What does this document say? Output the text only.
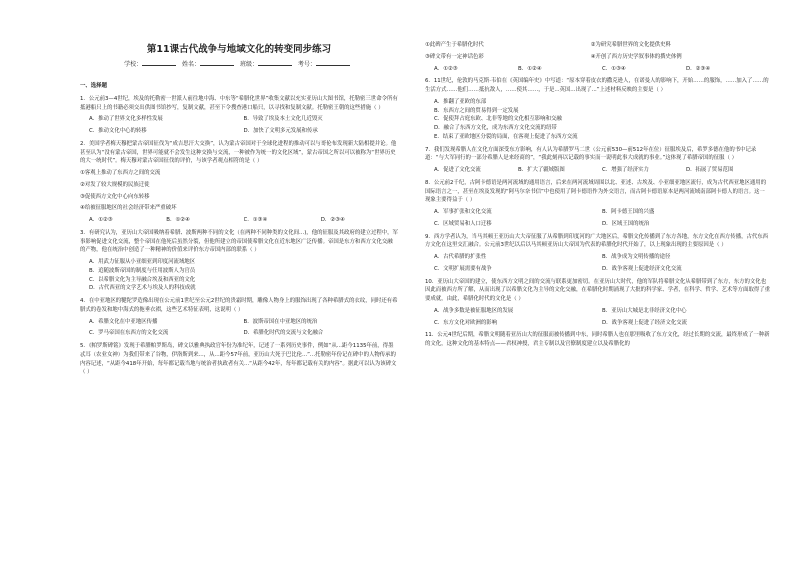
第11课古代战争与地域文化的转变同步练习
学校：	姓名：	班级：	考号：

一、选择题

1．公元前3—4世纪，埃及的托勒密一世派人前往地中海、中东等“希腊化世界”收集文献以充实亚历山大图书馆，托勒密三世命令所有抵港船只上的书籍必须交出供图书馆抄写，复制文献，甚至下令搜查港口船只，以寻找和复制文献。托勒密王朝的这些措施（ ）

A．推动了世界文化多样性发展	B．导致了埃及本土文化几近毁灭
C．推动文化中心的转移	D．加快了文明多元发展和传承

2．美国学者梅天穆把蒙古帝国征伐为“成吉思汗大交换”，认为蒙古帝国对于全球化进程的推动可以与哥伦布发现新大陆相提并论。他甚至认为“没有蒙古帝国，世界可能就不会发生这种交换与交流，一种被作为统一的文化区域”，蒙古帝国之所以可以被称为“世界历史的大一统时代”。梅天穆对蒙古帝国征伐的评价，与该学者观点相符的是（ ）

①客观上推动了东西方之间的交流

②对发了较大规模的民族迁徙

③促使西方文化中心向东转移

④给被征服地区的社会经济带来严重破坏

A．①②③	B．①②④	C．①③④	D．②③④

3．有研究认为，亚历山大帝国吸纳着希腊、波斯两种不同的文化（在两种不同种类的文化间...)，他的征服及其政府的建立过程中，军事影响促进文化交流，整个帝国在他死后虽然分裂，但他所建立的帝国使希腊文化在近东地区广泛传播。帝国是东方和西方文化交融的产物，他在统治中创造了一种精神的价值来评价东方帝国内部的联系（ ）

A．用武力征服从小亚细亚到印度河流域地区

B．追随波斯帝国的制度与任用波斯人为官员

C．以希腊文化为主导融合埃及和西亚的文化

D．古代西亚的文学艺术与埃及人的科技成就

4．在中亚地区的犍陀罗造像出现在公元前1世纪至公元2世纪的贵霜时期，雕像人物身上的服饰出现了各种希腊式的衣纹，同时还有希腊式的卷发和地中海式的拖垂衣褶，这些艺术特征表明，这说明（ ）

A．希腊文化在中亚地区传播	B．波斯帝国在中亚地区的统治
C．罗马帝国在东西方的文化交流	D．希腊化时代的交流与文化融合

5．《帕罗斯碑铭》发现于希腊帕罗斯岛，碑文以雅典执政官年份为准纪年，记述了一系列历史事件，例如“从...距今1135年前，得墨忒耳（农业女神）为我们带来了谷物，伊洛斯到来...，从...距今57年前，亚历山大死于巴比伦...”...托勒密年份记在碑中的人物传承的内容记述，“从距今418年开始，每年都记载当地与统治者执政者有关...“从距今42年，每年都记载有关的内容”。据此可以认为该碑文（ ）

①此碑产生于希腊化时代	②为研究希腊世界的文化提供史料

③碑文带有一定神话色彩	④开创了西方历史学叙事体的撰史体例

A．①②③	B．①②④	C．①③④	D．②③④

6．11世纪，伦敦的马克斯·韦伯在《英国编年史》中写道：“原本穿着皮衣的撒克逊人，在诺曼人的影响下，开始……的服饰，……加入了……的生活方式……他们……抵抗敌人，……使其……，于是...英国...出现了...”上述材料反映的主要是（ ）

A．推翻了亚欧的东部

B．东西方之间的贸易得到一定发展

C．促使拜占庭东欧、北非等地的文化相互影响和交融

D．融合了东西方文化，成为东西方文化交流的纽带

E．结束了亚欧地区分裂的局面，在客观上促进了东西方交流

7．我们发现希腊人在文化方面深受东方影响，有人认为希腊罗马二世（公元前530—前512年在位）征服埃及后，希罗多德在他的书中记录道：“与大军同行的一部分希腊人是来经商的”，“我此刻再以记载的事实而一说明此事大成就的事业。”这体现了希腊帝国的征服（ ）

A．促进了文化交流	B．扩大了疆域版图	C．增强了经济实力	D．拓展了贸易范围

8．公元前2千纪，古阿卡德语是两河流域的通用语言，后来在两河流域周围以北、亚述、古埃及、小亚细亚地区流行，成为古代西亚地区通用的国际语言之一，甚至在埃及发现的“阿马尔奈书信”中也使用了阿卡德语作为外交语言，而古阿卡德语原本是两河流域南部阿卡德人的语言。这一现象主要得益于（ ）

A．军事扩张和文化交流	B．阿卡德王国的兴盛
C．区域贸易和人口迁移	D．区域王国的统治

9．西方学者认为，当马其顿王亚历山大大帝征服了从希腊到印度河的广大地区后，希腊文化传播到了东方各地，东方文化在西方传播，古代东西方文化在这里交汇融合。公元前3世纪以后以马其顿亚历山大帝国为代表的希腊化时代开始了，以上现象出现的主要原因是（ ）

A．古代希腊的扩张性	B．战争成为文明传播的途径
C．文明扩展需要有战争	D．战争客观上促进经济文化交流

10．亚历山大帝国的建立，使东西方文明之间的交流与联系更加密切。在亚历山大时代，他的军队将希腊文化从希腊带到了东方，东方的文化也因此而被西方所了解，从而出现了以希腊文化为主导的文化交融，在希腊化时期涌现了大批的科学家、学者，在科学、哲学、艺术等方面取得了重要成就，由此，希腊化时代的文化是（ ）

A．战争多数是被征服地区的发展	B．亚历山大城是北非经济文化中心
C．东方文化对欧洲的影响	D．战争客观上促进了经济文化交流

11．公元4世纪后期，希腊文明随着亚历山大的征服而被传播到中东，同时希腊人也在那里吸收了东方文化，经过长期的交流，最终形成了一种新的文化，这种文化的基本特点——君权神授，君主专制以及官僚制度建立以及希腊化的
